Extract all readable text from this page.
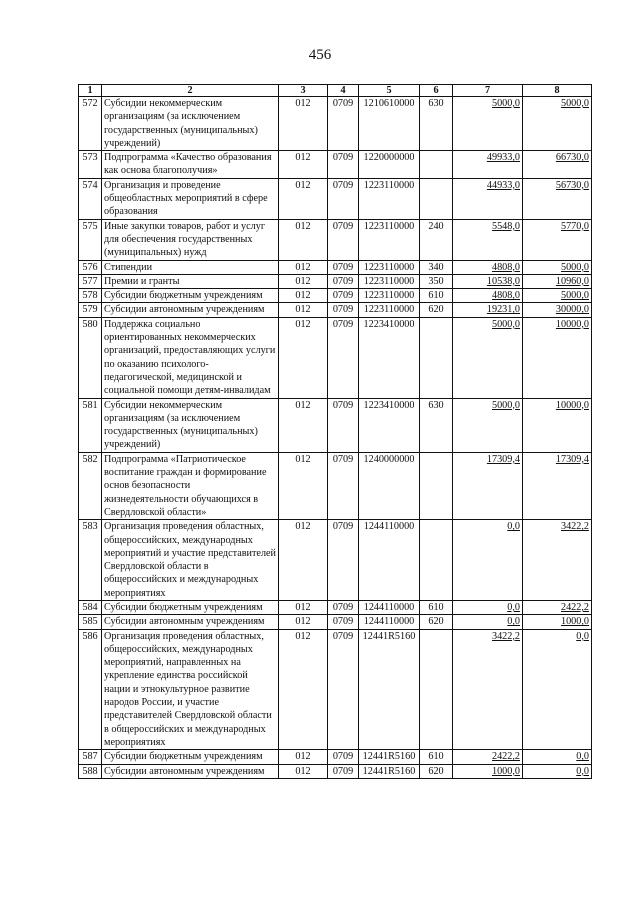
456
1	2	3	4	5	6	7	8
572	Субсидии некоммерческим организациям (за исключением государственных (муниципальных) учреждений)	012	0709	1210610000	630	5000,0	5000,0
573	Подпрограмма «Качество образования как основа благополучия»	012	0709	1220000000		49933,0	66730,0
574	Организация и проведение общеобластных мероприятий в сфере образования	012	0709	1223110000		44933,0	56730,0
575	Иные закупки товаров, работ и услуг для обеспечения государственных (муниципальных) нужд	012	0709	1223110000	240	5548,0	5770,0
576	Стипендии	012	0709	1223110000	340	4808,0	5000,0
577	Премии и гранты	012	0709	1223110000	350	10538,0	10960,0
578	Субсидии бюджетным учреждениям	012	0709	1223110000	610	4808,0	5000,0
579	Субсидии автономным учреждениям	012	0709	1223110000	620	19231,0	30000,0
580	Поддержка социально ориентированных некоммерческих организаций, предоставляющих услуги по оказанию психолого-педагогической, медицинской и социальной помощи детям-инвалидам	012	0709	1223410000		5000,0	10000,0
581	Субсидии некоммерческим организациям (за исключением государственных (муниципальных) учреждений)	012	0709	1223410000	630	5000,0	10000,0
582	Подпрограмма «Патриотическое воспитание граждан и формирование основ безопасности жизнедеятельности обучающихся в Свердловской области»	012	0709	1240000000		17309,4	17309,4
583	Организация проведения областных, общероссийских, международных мероприятий и участие представителей Свердловской области в общероссийских и международных мероприятиях	012	0709	1244110000		0,0	3422,2
584	Субсидии бюджетным учреждениям	012	0709	1244110000	610	0,0	2422,2
585	Субсидии автономным учреждениям	012	0709	1244110000	620	0,0	1000,0
586	Организация проведения областных, общероссийских, международных мероприятий, направленных на укрепление единства российской нации и этнокультурное развитие народов России, и участие представителей Свердловской области в общероссийских и международных мероприятиях	012	0709	12441R5160		3422,2	0,0
587	Субсидии бюджетным учреждениям	012	0709	12441R5160	610	2422,2	0,0
588	Субсидии автономным учреждениям	012	0709	12441R5160	620	1000,0	0,0
